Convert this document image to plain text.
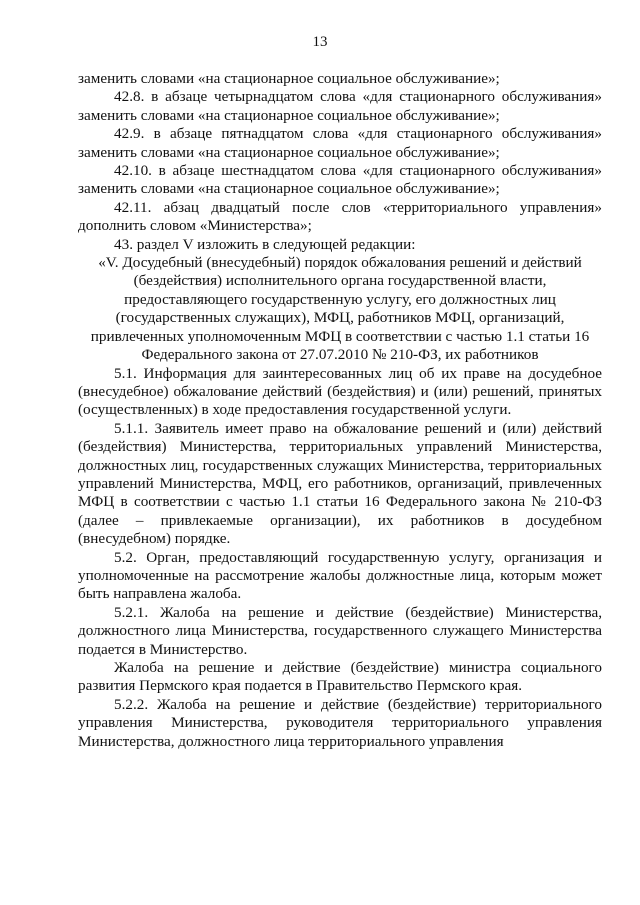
13

заменить словами «на стационарное социальное обслуживание»;

42.8. в абзаце четырнадцатом слова «для стационарного обслуживания» заменить словами «на стационарное социальное обслуживание»;

42.9. в абзаце пятнадцатом слова «для стационарного обслуживания» заменить словами «на стационарное социальное обслуживание»;

42.10. в абзаце шестнадцатом слова «для стационарного обслуживания» заменить словами «на стационарное социальное обслуживание»;

42.11. абзац двадцатый после слов «территориального управления» дополнить словом «Министерства»;

43. раздел V изложить в следующей редакции:

«V. Досудебный (внесудебный) порядок обжалования решений и действий (бездействия) исполнительного органа государственной власти, предоставляющего государственную услугу, его должностных лиц (государственных служащих), МФЦ, работников МФЦ, организаций, привлеченных уполномоченным МФЦ в соответствии с частью 1.1 статьи 16 Федерального закона от 27.07.2010 № 210-ФЗ, их работников

5.1. Информация для заинтересованных лиц об их праве на досудебное (внесудебное) обжалование действий (бездействия) и (или) решений, принятых (осуществленных) в ходе предоставления государственной услуги.

5.1.1. Заявитель имеет право на обжалование решений и (или) действий (бездействия) Министерства, территориальных управлений Министерства, должностных лиц, государственных служащих Министерства, территориальных управлений Министерства, МФЦ, его работников, организаций, привлеченных МФЦ в соответствии с частью 1.1 статьи 16 Федерального закона № 210-ФЗ (далее – привлекаемые организации), их работников в досудебном (внесудебном) порядке.

5.2. Орган, предоставляющий государственную услугу, организация и уполномоченные на рассмотрение жалобы должностные лица, которым может быть направлена жалоба.

5.2.1. Жалоба на решение и действие (бездействие) Министерства, должностного лица Министерства, государственного служащего Министерства подается в Министерство.

Жалоба на решение и действие (бездействие) министра социального развития Пермского края подается в Правительство Пермского края.

5.2.2. Жалоба на решение и действие (бездействие) территориального управления Министерства, руководителя территориального управления Министерства, должностного лица территориального управления
